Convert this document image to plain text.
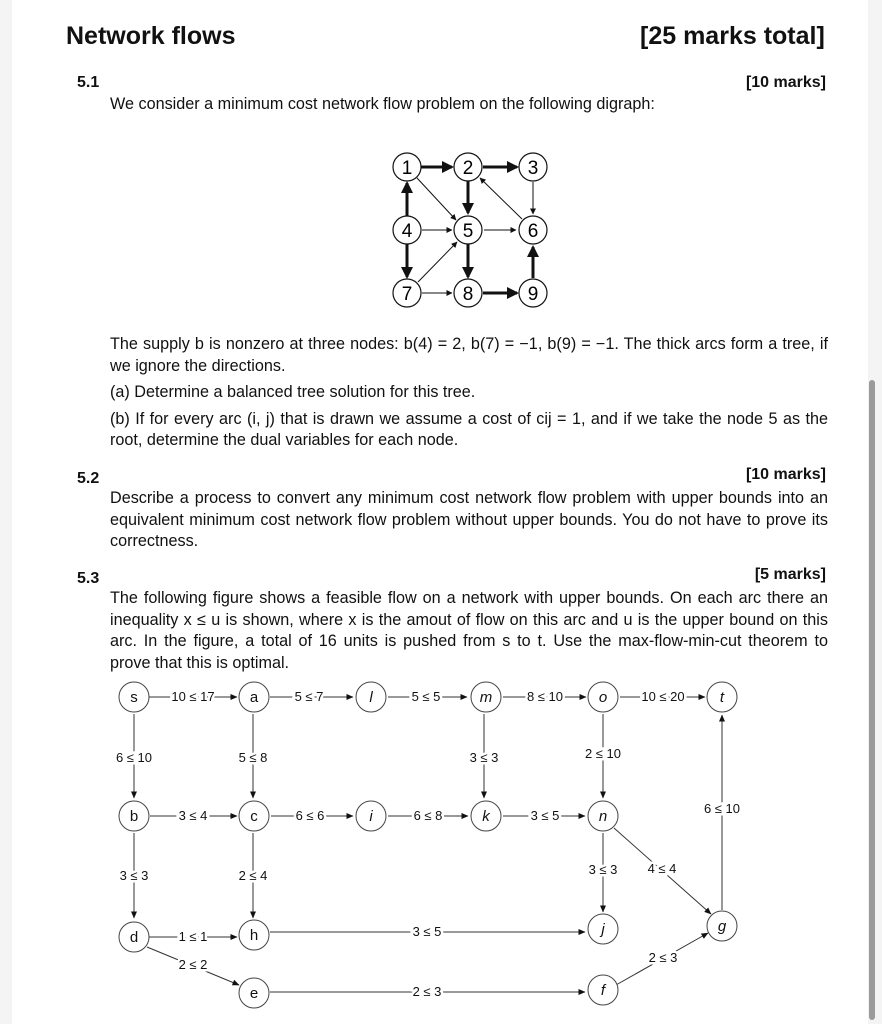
Network flows	[25 marks total]
5.1	[10 marks]
We consider a minimum cost network flow problem on the following digraph:
1	2	3
4	5	6
7	8	9

The supply b is nonzero at three nodes: b(4) = 2, b(7) = −1, b(9) = −1. The thick arcs form a tree, if we ignore the directions.

(a) Determine a balanced tree solution for this tree.

(b) If for every arc (i, j) that is drawn we assume a cost of cij = 1, and if we take the node 5 as the root, determine the dual variables for each node.

5.2	[10 marks]
Describe a process to convert any minimum cost network flow problem with upper bounds into an equivalent minimum cost network flow problem without upper bounds. You do not have to prove its correctness.
5.3	[5 marks]
The following figure shows a feasible flow on a network with upper bounds. On each arc there an inequality x ≤ u is shown, where x is the amout of flow on this arc and u is the upper bound on this arc. In the figure, a total of 16 units is pushed from s to t. Use the max-flow-min-cut theorem to prove that this is optimal.
10 ≤ 17	5 ≤ 7	5 ≤ 5	8 ≤ 10	10 ≤ 20
6 ≤ 10	5 ≤ 8	3 ≤ 3	2 ≤ 10
3 ≤ 4	6 ≤ 6	6 ≤ 8	3 ≤ 5	6 ≤ 10
3 ≤ 3	2 ≤ 4	3 ≤ 3 4 ≤ 4
1 ≤ 1	3 ≤ 5
2 ≤ 2
2 ≤ 3
2 ≤ 3
s	a	l	m	o	t
b	c	i	k	n
d	h	j	g
e	f
